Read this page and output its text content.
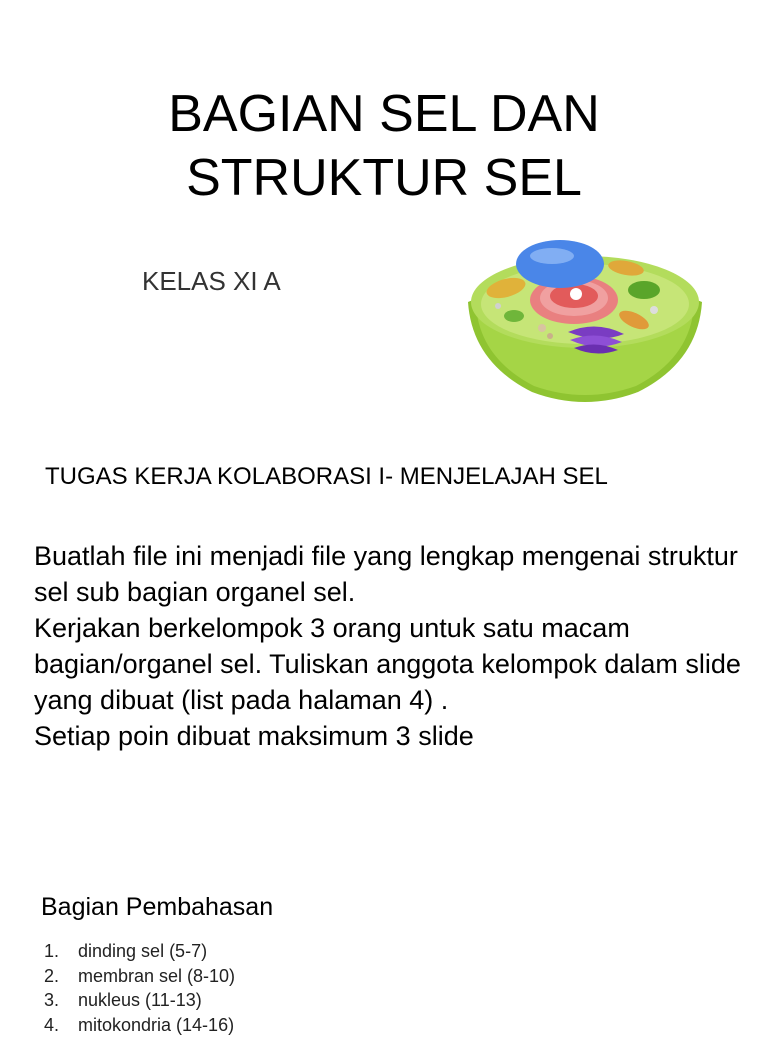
BAGIAN SEL DAN
STRUKTUR SEL
KELAS XI A
TUGAS KERJA KOLABORASI I- MENJELAJAH SEL

Buatlah file ini menjadi file yang lengkap mengenai struktur sel sub bagian organel sel.

Kerjakan berkelompok 3 orang untuk satu macam bagian/organel sel. Tuliskan anggota kelompok dalam slide yang dibuat (list pada halaman 4) .

Setiap poin dibuat maksimum 3 slide

Bagian Pembahasan
1. dinding sel (5-7)
2. membran sel (8-10)
3. nukleus (11-13)
4. mitokondria (14-16)
